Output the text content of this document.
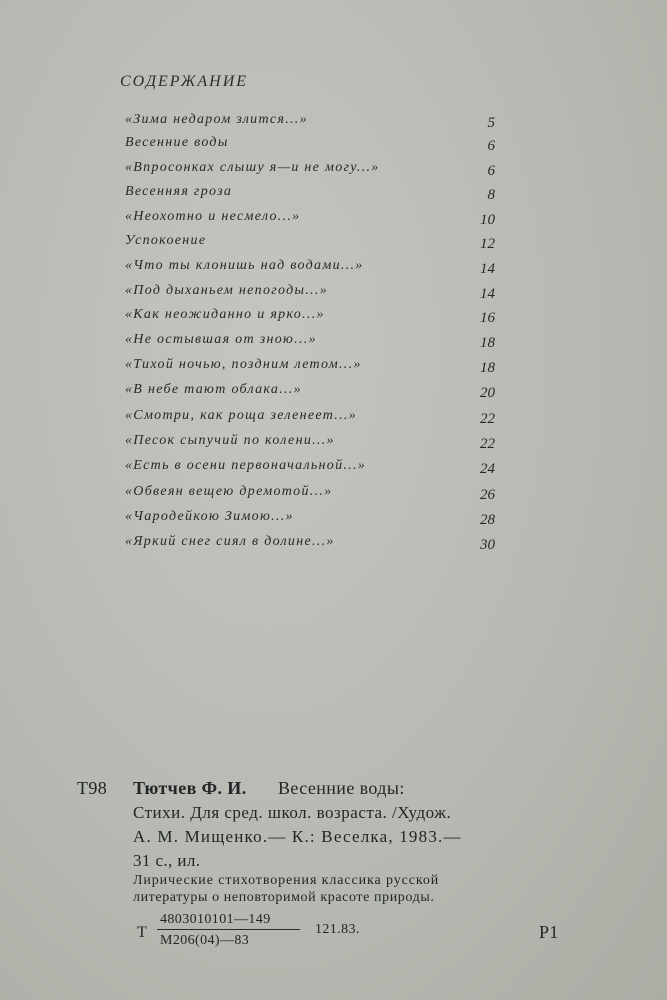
СОДЕРЖАНИЕ
«Зима недаром злится...»	5
Весенние воды	6
«Впросонках слышу я—и не могу...»	6
Весенняя гроза	8
«Неохотно и несмело...»	10
Успокоение	12
«Что ты клонишь над водами...»	14
«Под дыханьем непогоды...»	14
«Как неожиданно и ярко...»	16
«Не остывшая от зною...»	18
«Тихой ночью, поздним летом...»	18
«В небе тают облака...»	20
«Смотри, как роща зеленеет...»	22
«Песок сыпучий по колени...»	22
«Есть в осени первоначальной...»	24
«Обвеян вещею дремотой...»	26
«Чародейкою Зимою...»	28
«Яркий снег сиял в долине...»	30
Т98 Тютчев Ф. И. Весенние воды:
Стихи. Для сред. школ. возраста. /Худож.
А. М. Мищенко.— К.: Веселка, 1983.—
31 с., ил.
Лирические стихотворения классика русской
литературы о неповторимой красоте природы.
Т
4803010101—149
М206(04)—83
121.83.	Р1
